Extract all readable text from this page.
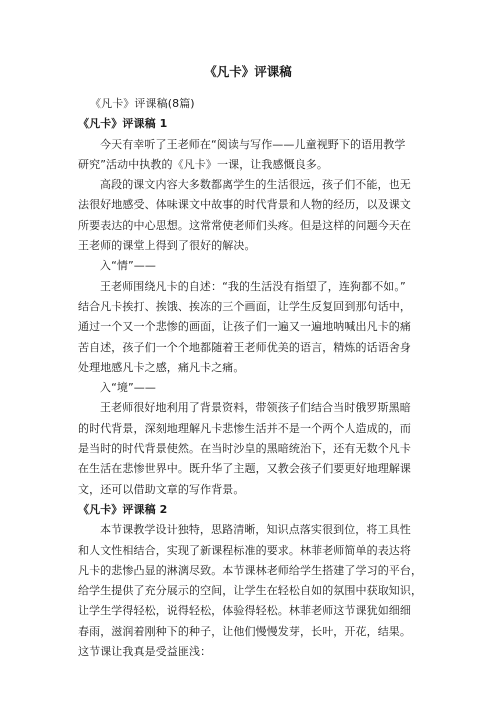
《凡卡》评课稿
《凡卡》评课稿(8篇)
《凡卡》评课稿 1
今天有幸听了王老师在“阅读与写作——儿童视野下的语用教学
研究”活动中执教的《凡卡》一课，让我感慨良多。
高段的课文内容大多数都离学生的生活很远，孩子们不能，也无
法很好地感受、体味课文中故事的时代背景和人物的经历，以及课文
所要表达的中心思想。这常常使老师们头疼。但是这样的问题今天在
王老师的课堂上得到了很好的解决。
入“情”——
王老师围绕凡卡的自述：“我的生活没有指望了，连狗都不如。”
结合凡卡挨打、挨饿、挨冻的三个画面，让学生反复回到那句话中，
通过一个又一个悲惨的画面，让孩子们一遍又一遍地呐喊出凡卡的痛
苦自述，孩子们一个个地都随着王老师优美的语言，精炼的话语舍身
处理地感凡卡之感，痛凡卡之痛。
入“境”——
王老师很好地利用了背景资料，带领孩子们结合当时俄罗斯黑暗
的时代背景，深刻地理解凡卡悲惨生活并不是一个两个人造成的，而
是当时的时代背景使然。在当时沙皇的黑暗统治下，还有无数个凡卡
在生活在悲惨世界中。既升华了主题，又教会孩子们要更好地理解课
文，还可以借助文章的写作背景。
《凡卡》评课稿 2
本节课教学设计独特，思路清晰，知识点落实很到位，将工具性
和人文性相结合，实现了新课程标准的要求。林菲老师简单的表达将
凡卡的悲惨凸显的淋漓尽致。本节课林老师给学生搭建了学习的平台，
给学生提供了充分展示的空间，让学生在轻松自如的氛围中获取知识，
让学生学得轻松，说得轻松，体验得轻松。林菲老师这节课犹如细细
春雨，滋润着刚种下的种子，让他们慢慢发芽，长叶，开花，结果。
这节课让我真是受益匪浅：
